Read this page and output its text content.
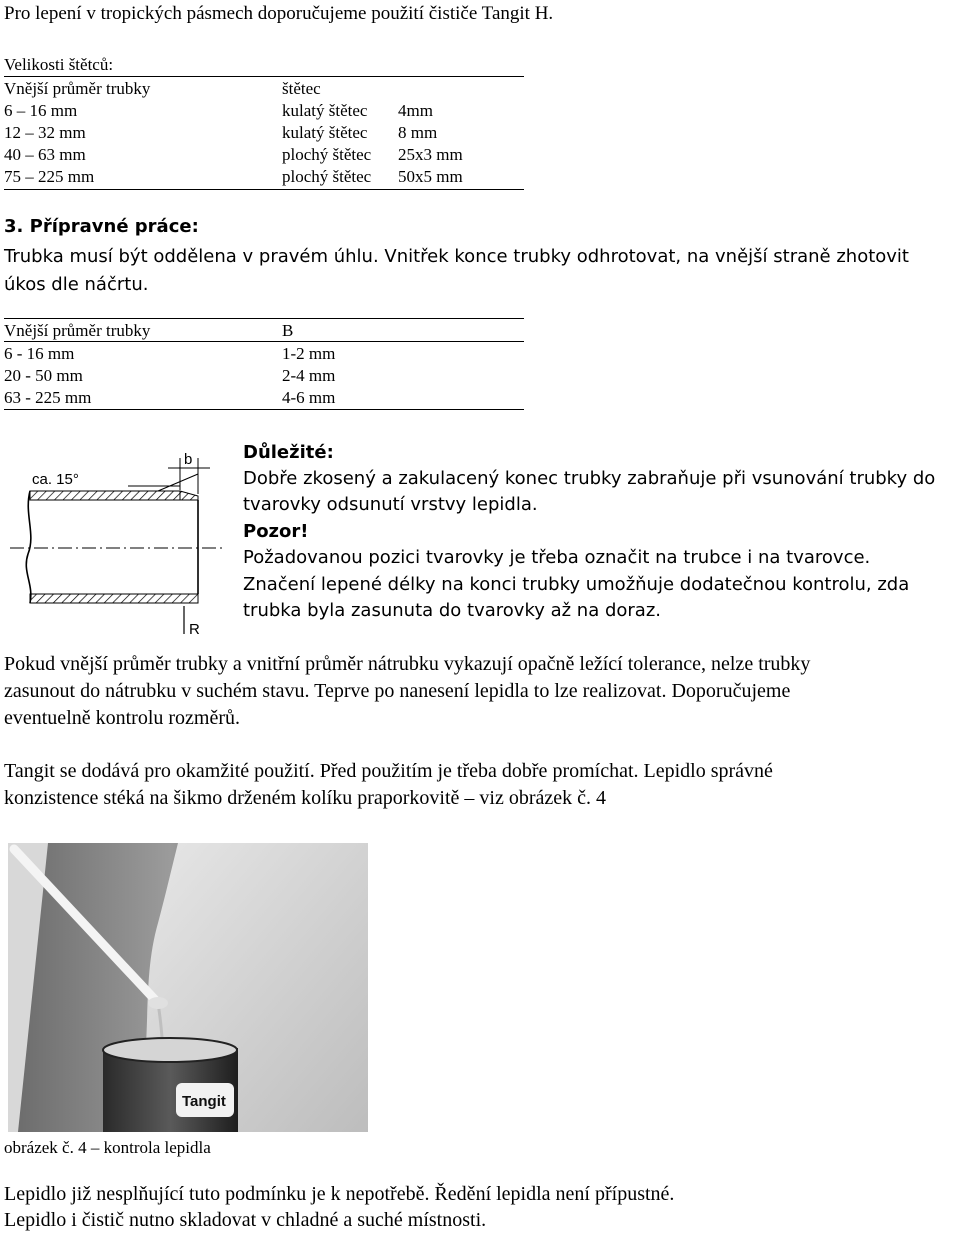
Pro lepení v tropických pásmech doporučujeme použití čističe Tangit H.
Velikosti štětců:
Vnější průměr trubky	štětec
6 – 16 mm	kulatý štětec 4mm
12 – 32 mm	kulatý štětec 8 mm
40 – 63 mm	plochý štětec 25x3 mm
75 – 225 mm	plochý štětec 50x5 mm
3. Přípravné práce:
Trubka musí být oddělena v pravém úhlu. Vnitřek konce trubky odhrotovat, na vnější straně zhotovit
úkos dle náčrtu.
Vnější průměr trubky	B
6 - 16 mm	1-2 mm
20 - 50 mm	2-4 mm
63 - 225 mm	4-6 mm
ca. 15°
b
R
Důležité:
Dobře zkosený a zakulacený konec trubky zabraňuje při vsunování trubky do
tvarovky odsunutí vrstvy lepidla.
Pozor!
Požadovanou pozici tvarovky je třeba označit na trubce i na tvarovce.
Značení lepené délky na konci trubky umožňuje dodatečnou kontrolu, zda
trubka byla zasunuta do tvarovky až na doraz.
Pokud vnější průměr trubky a vnitřní průměr nátrubku vykazují opačně ležící tolerance, nelze trubky
zasunout do nátrubku v suchém stavu. Teprve po nanesení lepidla to lze realizovat. Doporučujeme
eventuelně kontrolu rozměrů.
Tangit se dodává pro okamžité použití. Před použitím je třeba dobře promíchat. Lepidlo správné
konzistence stéká na šikmo drženém kolíku praporkovitě – viz obrázek č. 4
Tangit
obrázek č. 4 – kontrola lepidla
Lepidlo již nesplňující tuto podmínku je k nepotřebě. Ředění lepidla není přípustné.
Lepidlo i čistič nutno skladovat v chladné a suché místnosti.
